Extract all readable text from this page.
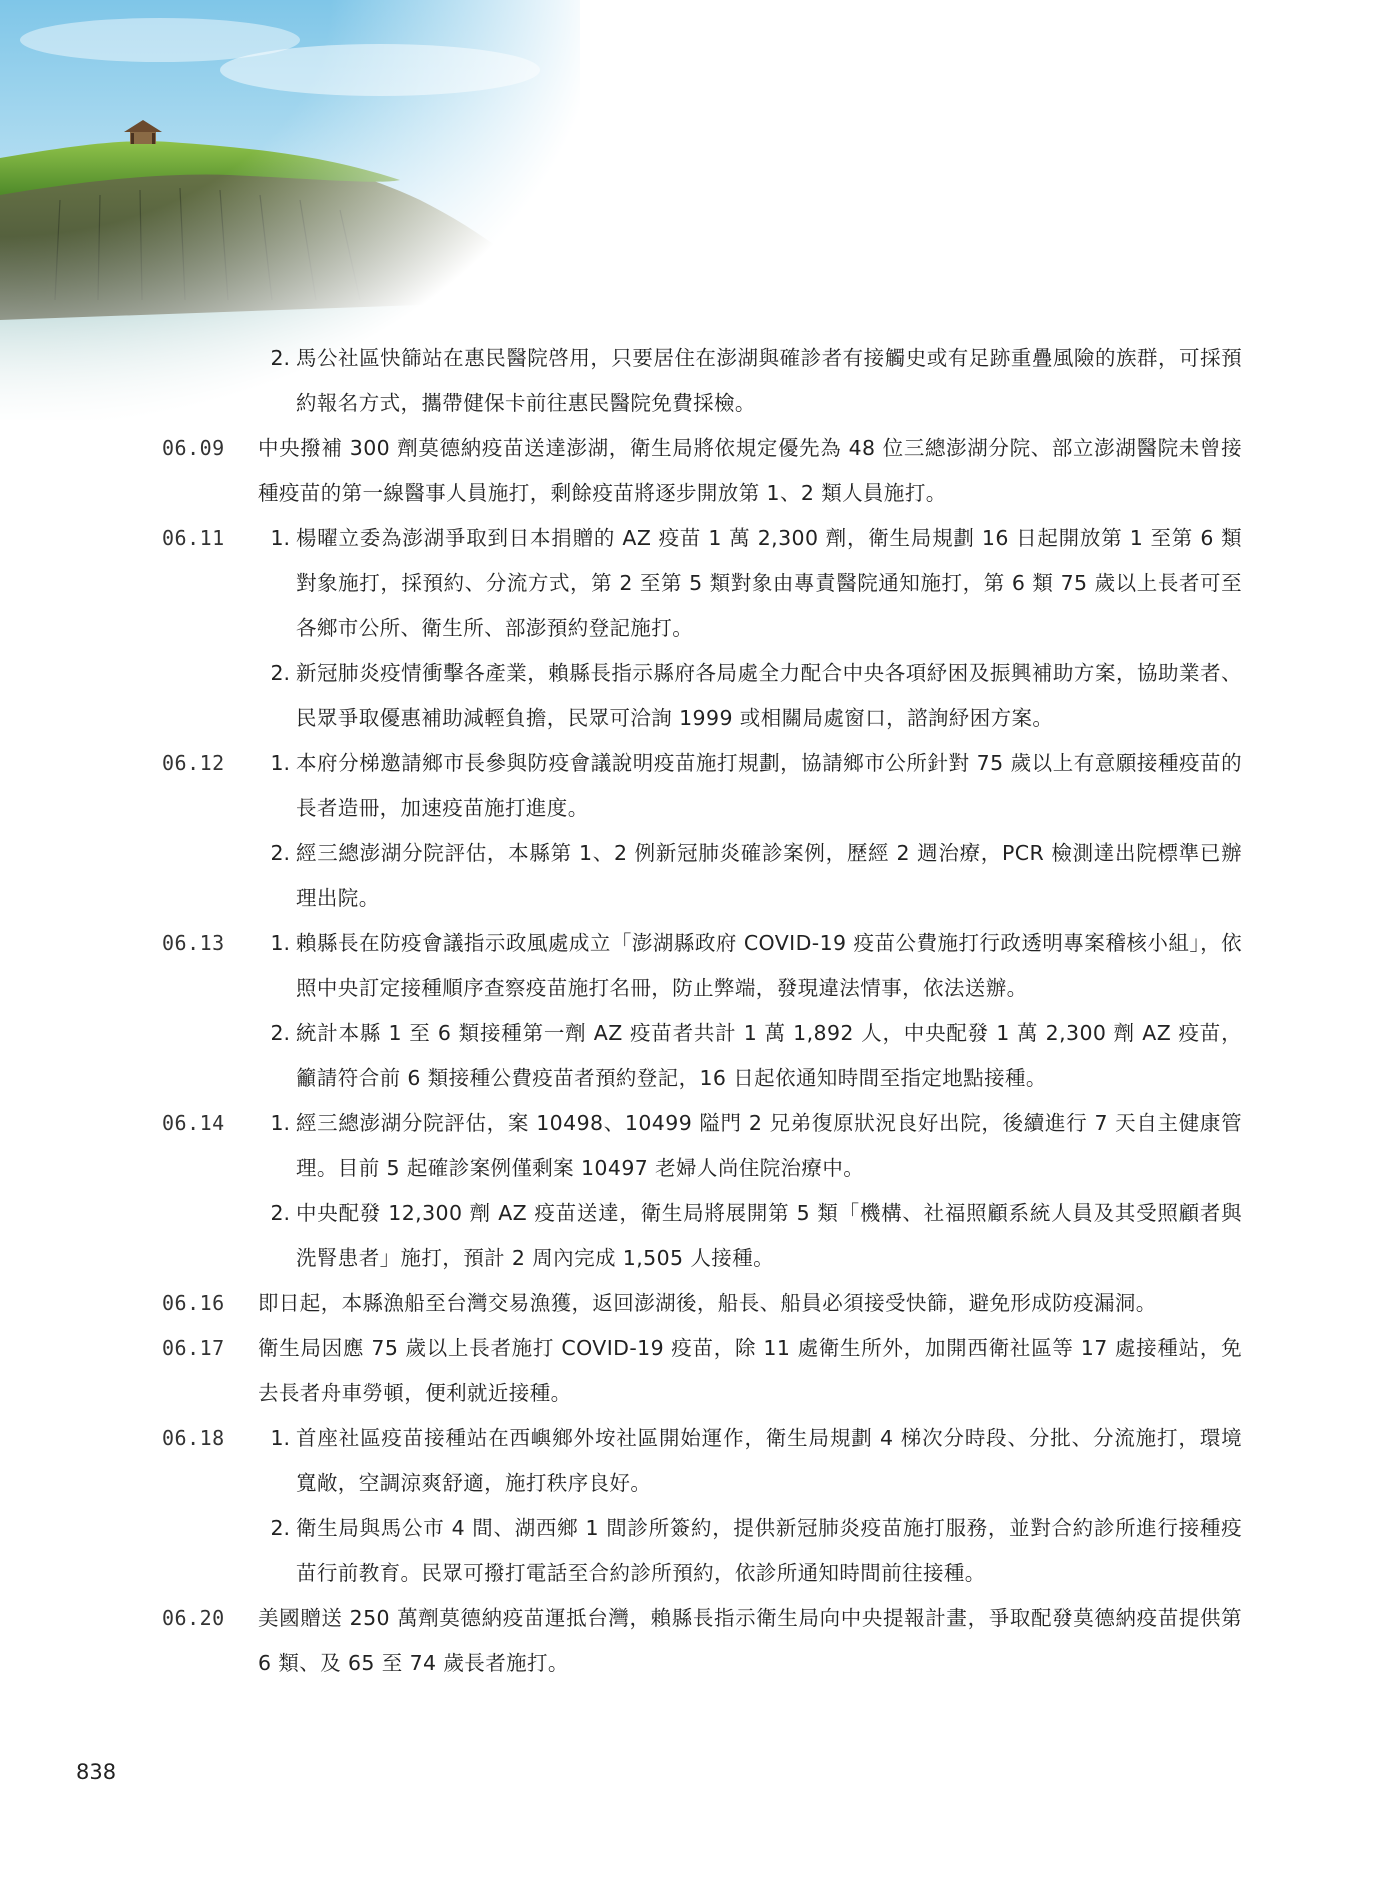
2. 馬公社區快篩站在惠民醫院啓用，只要居住在澎湖與確診者有接觸史或有足跡重疊風險的族群，可採預約報名方式，攜帶健保卡前往惠民醫院免費採檢。
06.09	中央撥補 300 劑莫德納疫苗送達澎湖，衛生局將依規定優先為 48 位三總澎湖分院、部立澎湖醫院未曾接種疫苗的第一線醫事人員施打，剩餘疫苗將逐步開放第 1、2 類人員施打。

06.11	1. 楊曜立委為澎湖爭取到日本捐贈的 AZ 疫苗 1 萬 2,300 劑，衛生局規劃 16 日起開放第 1 至第 6 類對象施打，採預約、分流方式，第 2 至第 5 類對象由專責醫院通知施打，第 6 類 75 歲以上長者可至各鄉市公所、衛生所、部澎預約登記施打。
2. 新冠肺炎疫情衝擊各產業，賴縣長指示縣府各局處全力配合中央各項紓困及振興補助方案，協助業者、民眾爭取優惠補助減輕負擔，民眾可洽詢 1999 或相關局處窗口，諮詢紓困方案。
06.12	1. 本府分梯邀請鄉市長參與防疫會議說明疫苗施打規劃，協請鄉市公所針對 75 歲以上有意願接種疫苗的長者造冊，加速疫苗施打進度。
2. 經三總澎湖分院評估，本縣第 1、2 例新冠肺炎確診案例，歷經 2 週治療，PCR 檢測達出院標準已辦理出院。
06.13	1. 賴縣長在防疫會議指示政風處成立「澎湖縣政府 COVID-19 疫苗公費施打行政透明專案稽核小組」，依照中央訂定接種順序查察疫苗施打名冊，防止弊端，發現違法情事，依法送辦。
2. 統計本縣 1 至 6 類接種第一劑 AZ 疫苗者共計 1 萬 1,892 人，中央配發 1 萬 2,300 劑 AZ 疫苗，籲請符合前 6 類接種公費疫苗者預約登記，16 日起依通知時間至指定地點接種。
06.14	1. 經三總澎湖分院評估，案 10498、10499 隘門 2 兄弟復原狀況良好出院，後續進行 7 天自主健康管理。目前 5 起確診案例僅剩案 10497 老婦人尚住院治療中。
2. 中央配發 12,300 劑 AZ 疫苗送達，衛生局將展開第 5 類「機構、社福照顧系統人員及其受照顧者與洗腎患者」施打，預計 2 周內完成 1,505 人接種。
06.16	即日起，本縣漁船至台灣交易漁獲，返回澎湖後，船長、船員必須接受快篩，避免形成防疫漏洞。

06.17	衛生局因應 75 歲以上長者施打 COVID-19 疫苗，除 11 處衛生所外，加開西衛社區等 17 處接種站，免去長者舟車勞頓，便利就近接種。

06.18	1. 首座社區疫苗接種站在西嶼鄉外垵社區開始運作，衛生局規劃 4 梯次分時段、分批、分流施打，環境寬敞，空調涼爽舒適，施打秩序良好。
2. 衛生局與馬公市 4 間、湖西鄉 1 間診所簽約，提供新冠肺炎疫苗施打服務，並對合約診所進行接種疫苗行前教育。民眾可撥打電話至合約診所預約，依診所通知時間前往接種。
06.20	美國贈送 250 萬劑莫德納疫苗運抵台灣，賴縣長指示衛生局向中央提報計畫，爭取配發莫德納疫苗提供第 6 類、及 65 至 74 歲長者施打。

838
